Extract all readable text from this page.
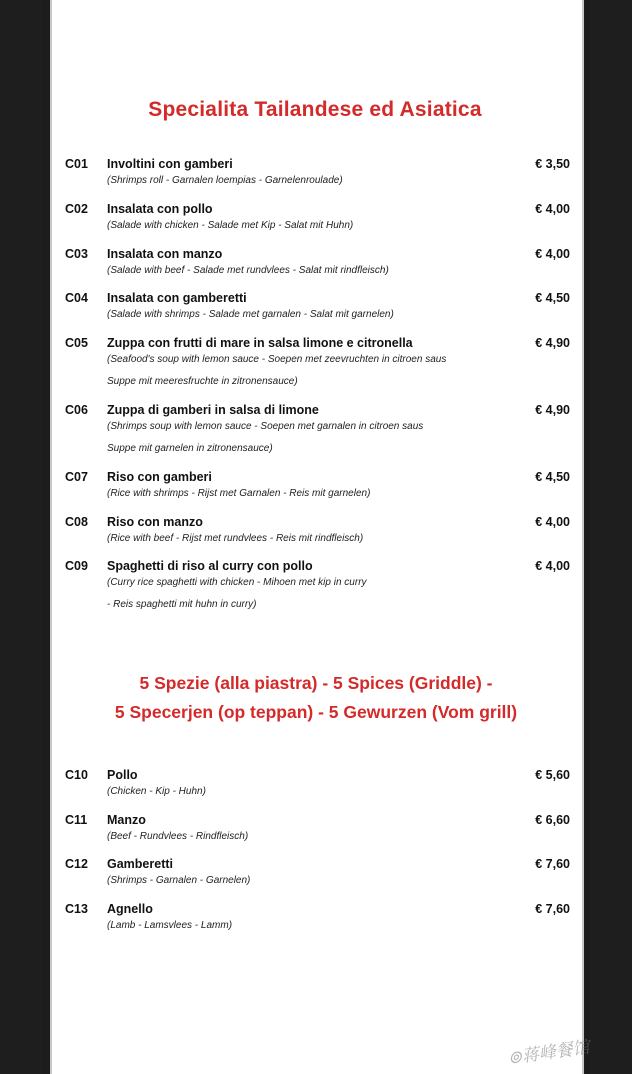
Specialita Tailandese ed Asiatica
C01 Involtini con gamberi	€ 3,50
(Shrimps roll - Garnalen loempias - Garnelenroulade)
C02 Insalata con pollo	€ 4,00
(Salade with chicken - Salade met Kip - Salat mit Huhn)
C03 Insalata con manzo	€ 4,00
(Salade with beef - Salade met rundvlees - Salat mit rindfleisch)
C04 Insalata con gamberetti	€ 4,50
(Salade with shrimps - Salade met garnalen - Salat mit garnelen)
C05 Zuppa con frutti di mare in salsa limone e citronella	€ 4,90
(Seafood's soup with lemon sauce - Soepen met zeevruchten in citroen saus
Suppe mit meeresfruchte in zitronensauce)
C06 Zuppa di gamberi in salsa di limone	€ 4,90
(Shrimps soup with lemon sauce - Soepen met garnalen in citroen saus
Suppe mit garnelen in zitronensauce)
C07 Riso con gamberi	€ 4,50
(Rice with shrimps - Rijst met Garnalen - Reis mit garnelen)
C08 Riso con manzo	€ 4,00
(Rice with beef - Rijst met rundvlees - Reis mit rindfleisch)
C09 Spaghetti di riso al curry con pollo	€ 4,00
(Curry rice spaghetti with chicken - Mihoen met kip in curry
- Reis spaghetti mit huhn in curry)
5 Spezie (alla piastra) - 5 Spices (Griddle) -
5 Specerjen (op teppan) - 5 Gewurzen (Vom grill)
C10 Pollo	€ 5,60
(Chicken - Kip - Huhn)
C11 Manzo	€ 6,60
(Beef - Rundvlees - Rindfleisch)
C12 Gamberetti	€ 7,60
(Shrimps - Garnalen - Garnelen)
C13 Agnello	€ 7,60
(Lamb - Lamsvlees - Lamm)
⊚蒋峰餐馆
